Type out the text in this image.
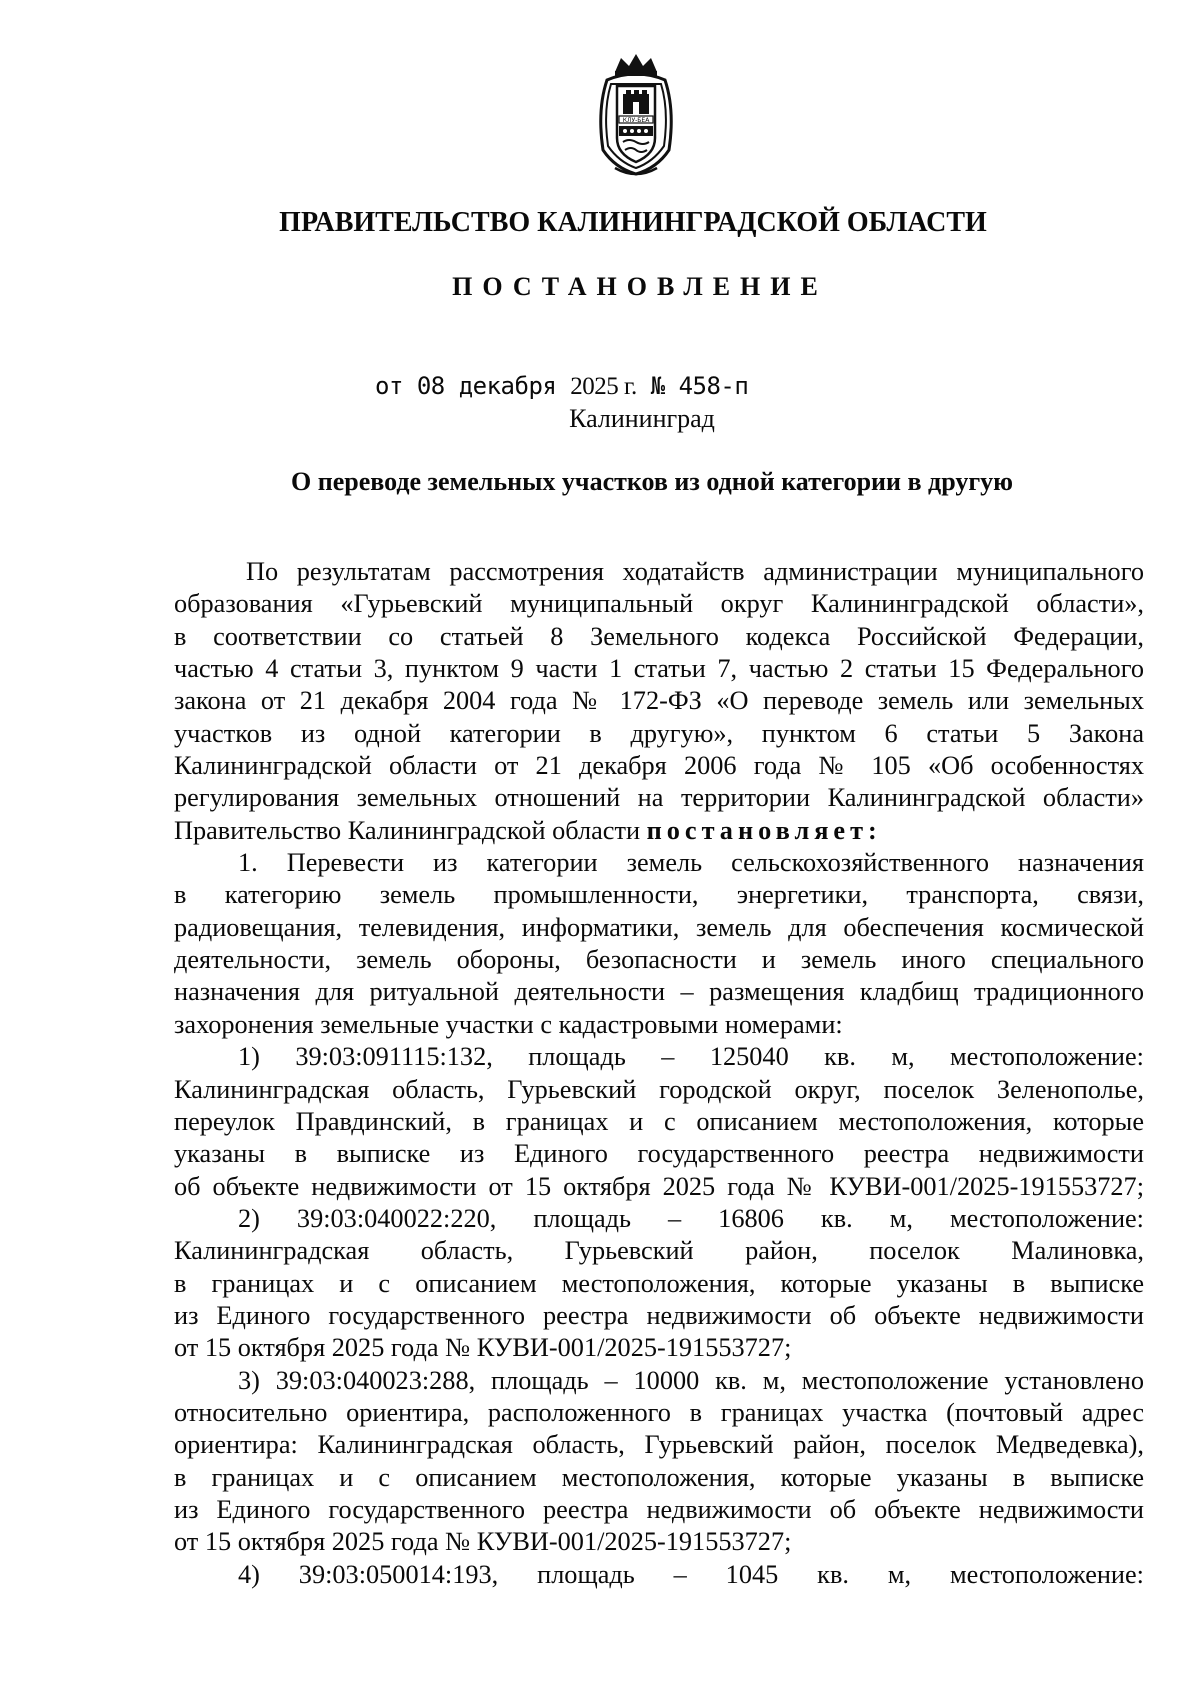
КЛУ-БЕА
ПРАВИТЕЛЬСТВО КАЛИНИНГРАДСКОЙ ОБЛАСТИ
ПОСТАНОВЛЕНИЕ
от 08 декабря 2025 г. № 458-п
Калининград
О переводе земельных участков из одной категории в другую
По результатам рассмотрения ходатайств администрации муниципального
образования «Гурьевский муниципальный округ Калининградской области»,
в соответствии со статьей 8 Земельного кодекса Российской Федерации,
частью 4 статьи 3, пунктом 9 части 1 статьи 7, частью 2 статьи 15 Федерального
закона от 21 декабря 2004 года № 172-ФЗ «О переводе земель или земельных
участков из одной категории в другую», пунктом 6 статьи 5 Закона
Калининградской области от 21 декабря 2006 года № 105 «Об особенностях
регулирования земельных отношений на территории Калининградской области»
Правительство Калининградской области постановляет:
1. Перевести из категории земель сельскохозяйственного назначения
в категорию земель промышленности, энергетики, транспорта, связи,
радиовещания, телевидения, информатики, земель для обеспечения космической
деятельности, земель обороны, безопасности и земель иного специального
назначения для ритуальной деятельности – размещения кладбищ традиционного
захоронения земельные участки с кадастровыми номерами:
1) 39:03:091115:132, площадь – 125040 кв. м, местоположение:
Калининградская область, Гурьевский городской округ, поселок Зеленополье,
переулок Правдинский, в границах и с описанием местоположения, которые
указаны в выписке из Единого государственного реестра недвижимости
об объекте недвижимости от 15 октября 2025 года № КУВИ-001/2025-191553727;
2) 39:03:040022:220, площадь – 16806 кв. м, местоположение:
Калининградская область, Гурьевский район, поселок Малиновка,
в границах и с описанием местоположения, которые указаны в выписке
из Единого государственного реестра недвижимости об объекте недвижимости
от 15 октября 2025 года № КУВИ-001/2025-191553727;
3) 39:03:040023:288, площадь – 10000 кв. м, местоположение установлено
относительно ориентира, расположенного в границах участка (почтовый адрес
ориентира: Калининградская область, Гурьевский район, поселок Медведевка),
в границах и с описанием местоположения, которые указаны в выписке
из Единого государственного реестра недвижимости об объекте недвижимости
от 15 октября 2025 года № КУВИ-001/2025-191553727;
4) 39:03:050014:193, площадь – 1045 кв. м, местоположение:
